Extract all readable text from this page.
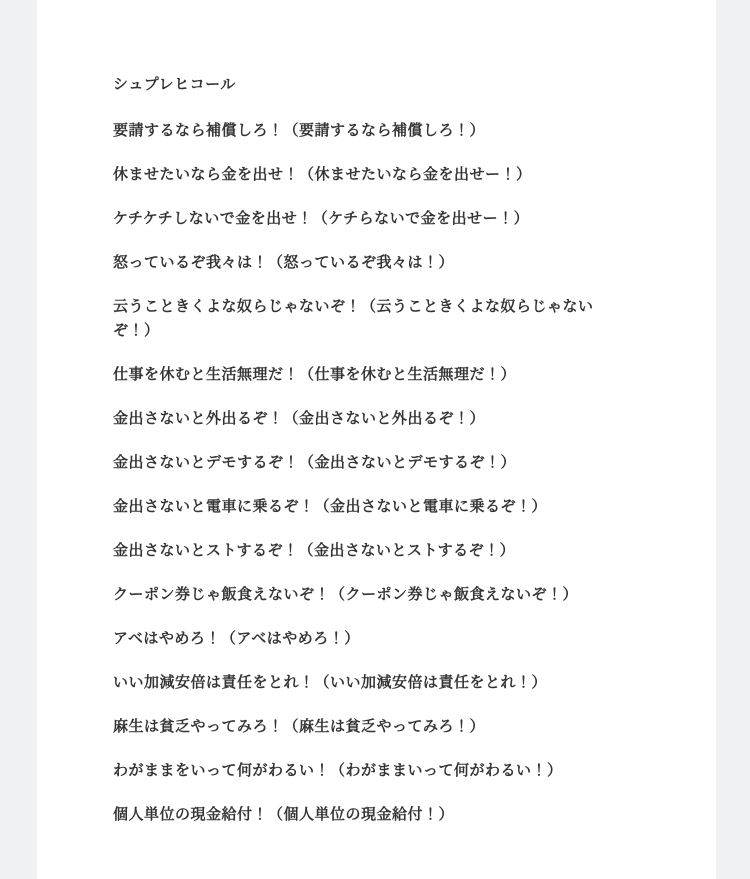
シュプレヒコール

要請するなら補償しろ！（要請するなら補償しろ！）

休ませたいなら金を出せ！（休ませたいなら金を出せー！）

ケチケチしないで金を出せ！（ケチらないで金を出せー！）

怒っているぞ我々は！（怒っているぞ我々は！）

云うこときくよな奴らじゃないぞ！（云うこときくよな奴らじゃないぞ！）

仕事を休むと生活無理だ！（仕事を休むと生活無理だ！）

金出さないと外出るぞ！（金出さないと外出るぞ！）

金出さないとデモするぞ！（金出さないとデモするぞ！）

金出さないと電車に乗るぞ！（金出さないと電車に乗るぞ！）

金出さないとストするぞ！（金出さないとストするぞ！）

クーポン券じゃ飯食えないぞ！（クーポン券じゃ飯食えないぞ！）

アベはやめろ！（アベはやめろ！）

いい加減安倍は責任をとれ！（いい加減安倍は責任をとれ！）

麻生は貧乏やってみろ！（麻生は貧乏やってみろ！）

わがままをいって何がわるい！（わがままいって何がわるい！）

個人単位の現金給付！（個人単位の現金給付！）
